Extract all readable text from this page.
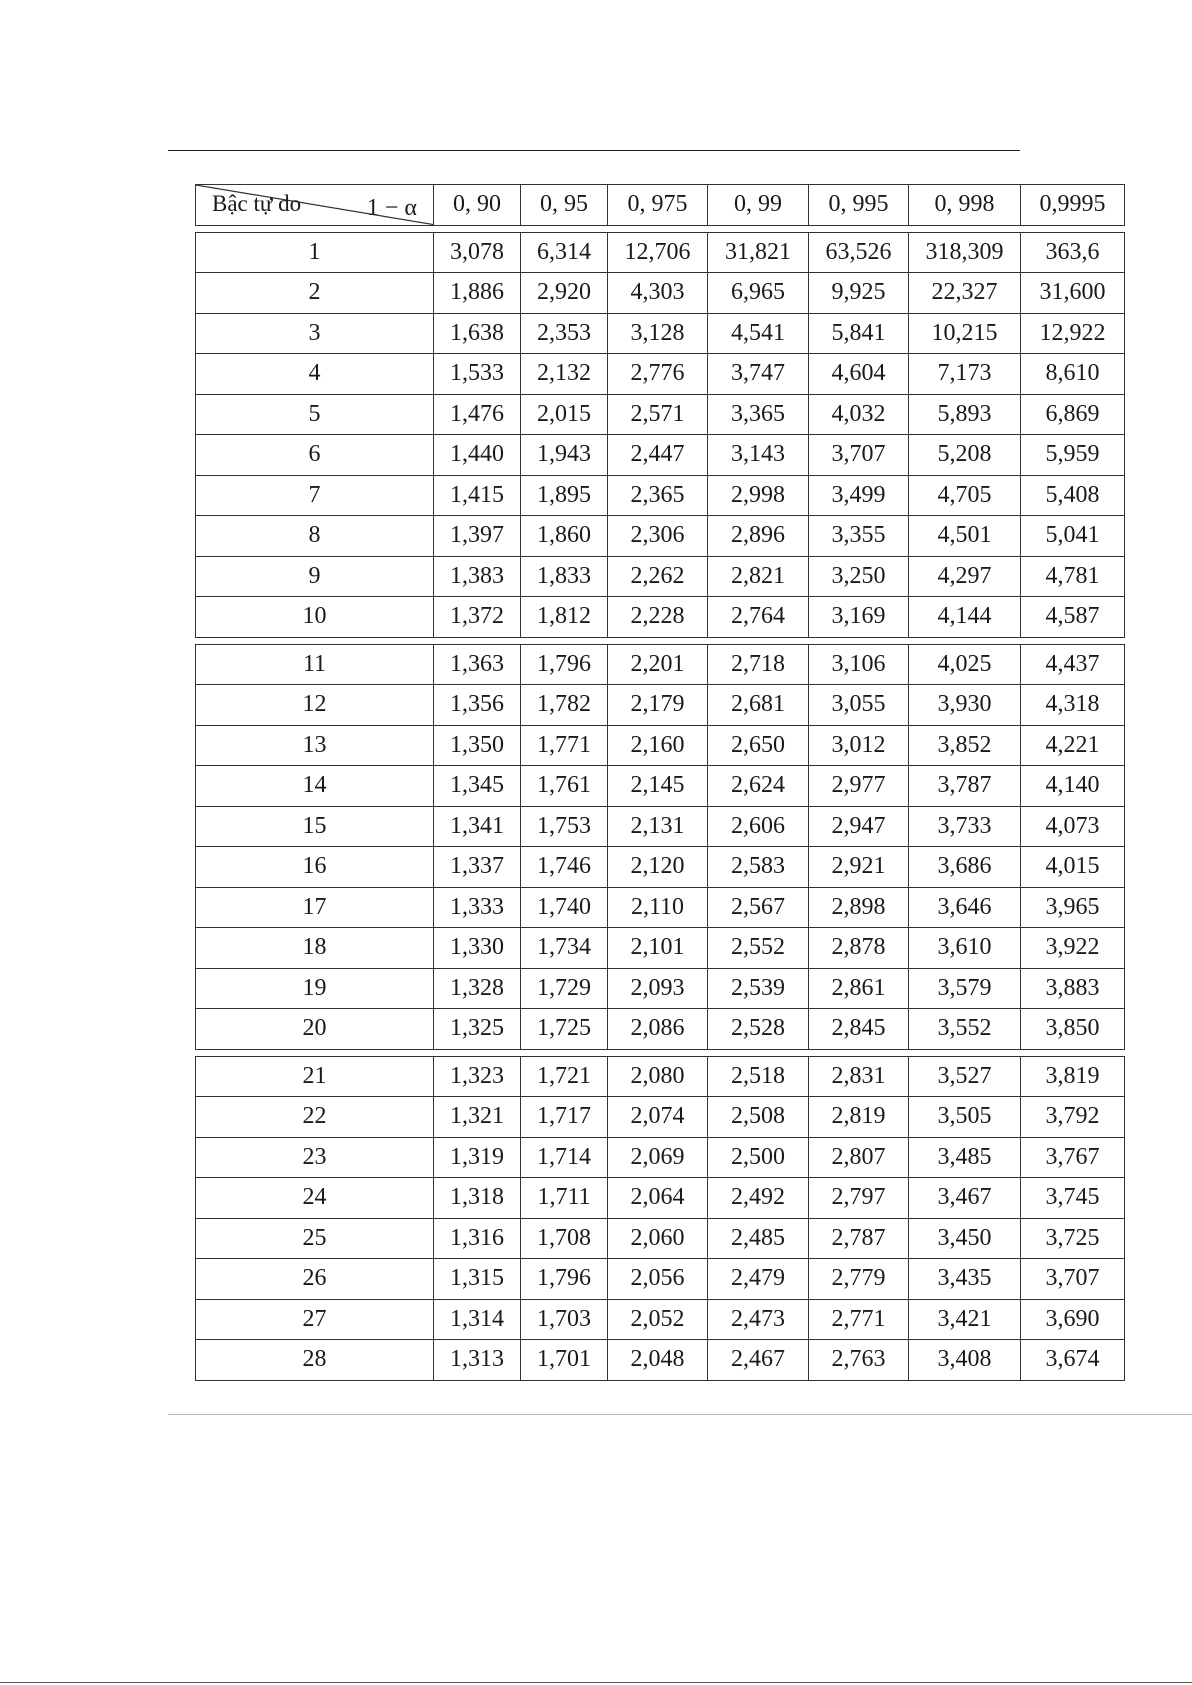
1 − α
Bậc tự do	0, 90	0, 95	0, 975	0, 99	0, 995	0, 998	0,9995
1	3,078	6,314	12,706	31,821	63,526	318,309	363,6
2	1,886	2,920	4,303	6,965	9,925	22,327	31,600
3	1,638	2,353	3,128	4,541	5,841	10,215	12,922
4	1,533	2,132	2,776	3,747	4,604	7,173	8,610
5	1,476	2,015	2,571	3,365	4,032	5,893	6,869
6	1,440	1,943	2,447	3,143	3,707	5,208	5,959
7	1,415	1,895	2,365	2,998	3,499	4,705	5,408
8	1,397	1,860	2,306	2,896	3,355	4,501	5,041
9	1,383	1,833	2,262	2,821	3,250	4,297	4,781
10	1,372	1,812	2,228	2,764	3,169	4,144	4,587
11	1,363	1,796	2,201	2,718	3,106	4,025	4,437
12	1,356	1,782	2,179	2,681	3,055	3,930	4,318
13	1,350	1,771	2,160	2,650	3,012	3,852	4,221
14	1,345	1,761	2,145	2,624	2,977	3,787	4,140
15	1,341	1,753	2,131	2,606	2,947	3,733	4,073
16	1,337	1,746	2,120	2,583	2,921	3,686	4,015
17	1,333	1,740	2,110	2,567	2,898	3,646	3,965
18	1,330	1,734	2,101	2,552	2,878	3,610	3,922
19	1,328	1,729	2,093	2,539	2,861	3,579	3,883
20	1,325	1,725	2,086	2,528	2,845	3,552	3,850
21	1,323	1,721	2,080	2,518	2,831	3,527	3,819
22	1,321	1,717	2,074	2,508	2,819	3,505	3,792
23	1,319	1,714	2,069	2,500	2,807	3,485	3,767
24	1,318	1,711	2,064	2,492	2,797	3,467	3,745
25	1,316	1,708	2,060	2,485	2,787	3,450	3,725
26	1,315	1,796	2,056	2,479	2,779	3,435	3,707
27	1,314	1,703	2,052	2,473	2,771	3,421	3,690
28	1,313	1,701	2,048	2,467	2,763	3,408	3,674
